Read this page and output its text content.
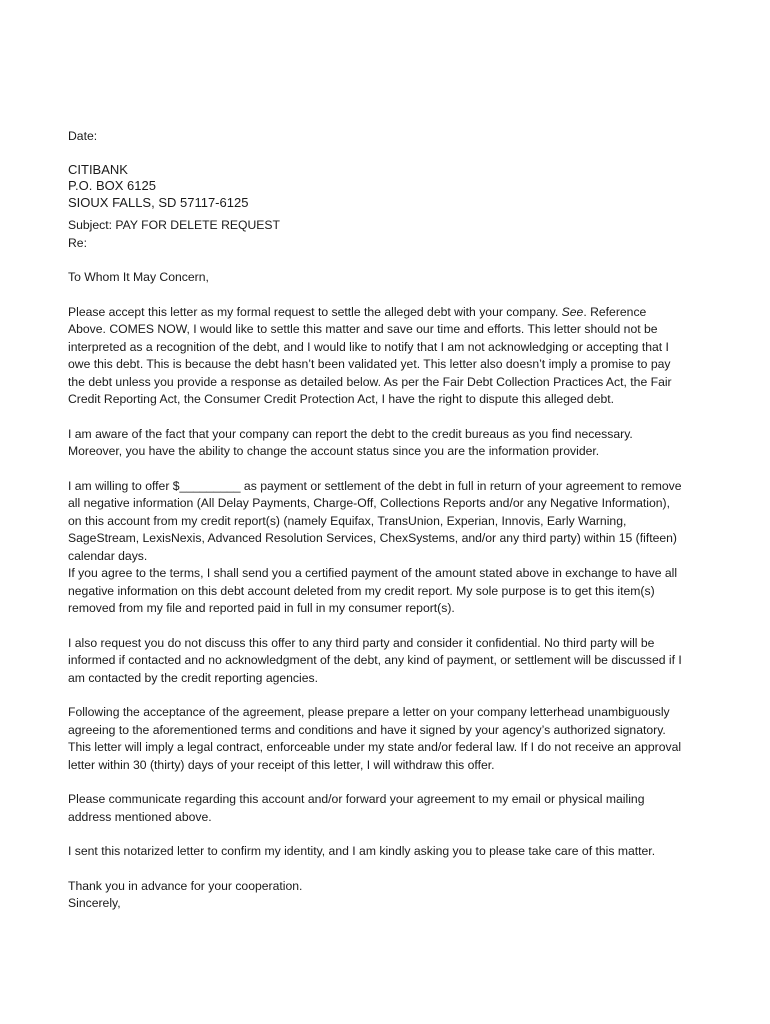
Date:
CITIBANK
P.O. BOX 6125
SIOUX FALLS, SD 57117-6125
Subject: PAY FOR DELETE REQUEST
Re:
To Whom It May Concern,
Please accept this letter as my formal request to settle the alleged debt with your company. See. Reference
Above. COMES NOW, I would like to settle this matter and save our time and efforts. This letter should not be
interpreted as a recognition of the debt, and I would like to notify that I am not acknowledging or accepting that I
owe this debt. This is because the debt hasn’t been validated yet. This letter also doesn’t imply a promise to pay
the debt unless you provide a response as detailed below. As per the Fair Debt Collection Practices Act, the Fair
Credit Reporting Act, the Consumer Credit Protection Act, I have the right to dispute this alleged debt.
I am aware of the fact that your company can report the debt to the credit bureaus as you find necessary.
Moreover, you have the ability to change the account status since you are the information provider.
I am willing to offer $_________ as payment or settlement of the debt in full in return of your agreement to remove
all negative information (All Delay Payments, Charge-Off, Collections Reports and/or any Negative Information),
on this account from my credit report(s) (namely Equifax, TransUnion, Experian, Innovis, Early Warning,
SageStream, LexisNexis, Advanced Resolution Services, ChexSystems, and/or any third party) within 15 (fifteen)
calendar days.
If you agree to the terms, I shall send you a certified payment of the amount stated above in exchange to have all
negative information on this debt account deleted from my credit report. My sole purpose is to get this item(s)
removed from my file and reported paid in full in my consumer report(s).
I also request you do not discuss this offer to any third party and consider it confidential. No third party will be
informed if contacted and no acknowledgment of the debt, any kind of payment, or settlement will be discussed if I
am contacted by the credit reporting agencies.
Following the acceptance of the agreement, please prepare a letter on your company letterhead unambiguously
agreeing to the aforementioned terms and conditions and have it signed by your agency’s authorized signatory.
This letter will imply a legal contract, enforceable under my state and/or federal law. If I do not receive an approval
letter within 30 (thirty) days of your receipt of this letter, I will withdraw this offer.
Please communicate regarding this account and/or forward your agreement to my email or physical mailing
address mentioned above.
I sent this notarized letter to confirm my identity, and I am kindly asking you to please take care of this matter.
Thank you in advance for your cooperation.
Sincerely,
